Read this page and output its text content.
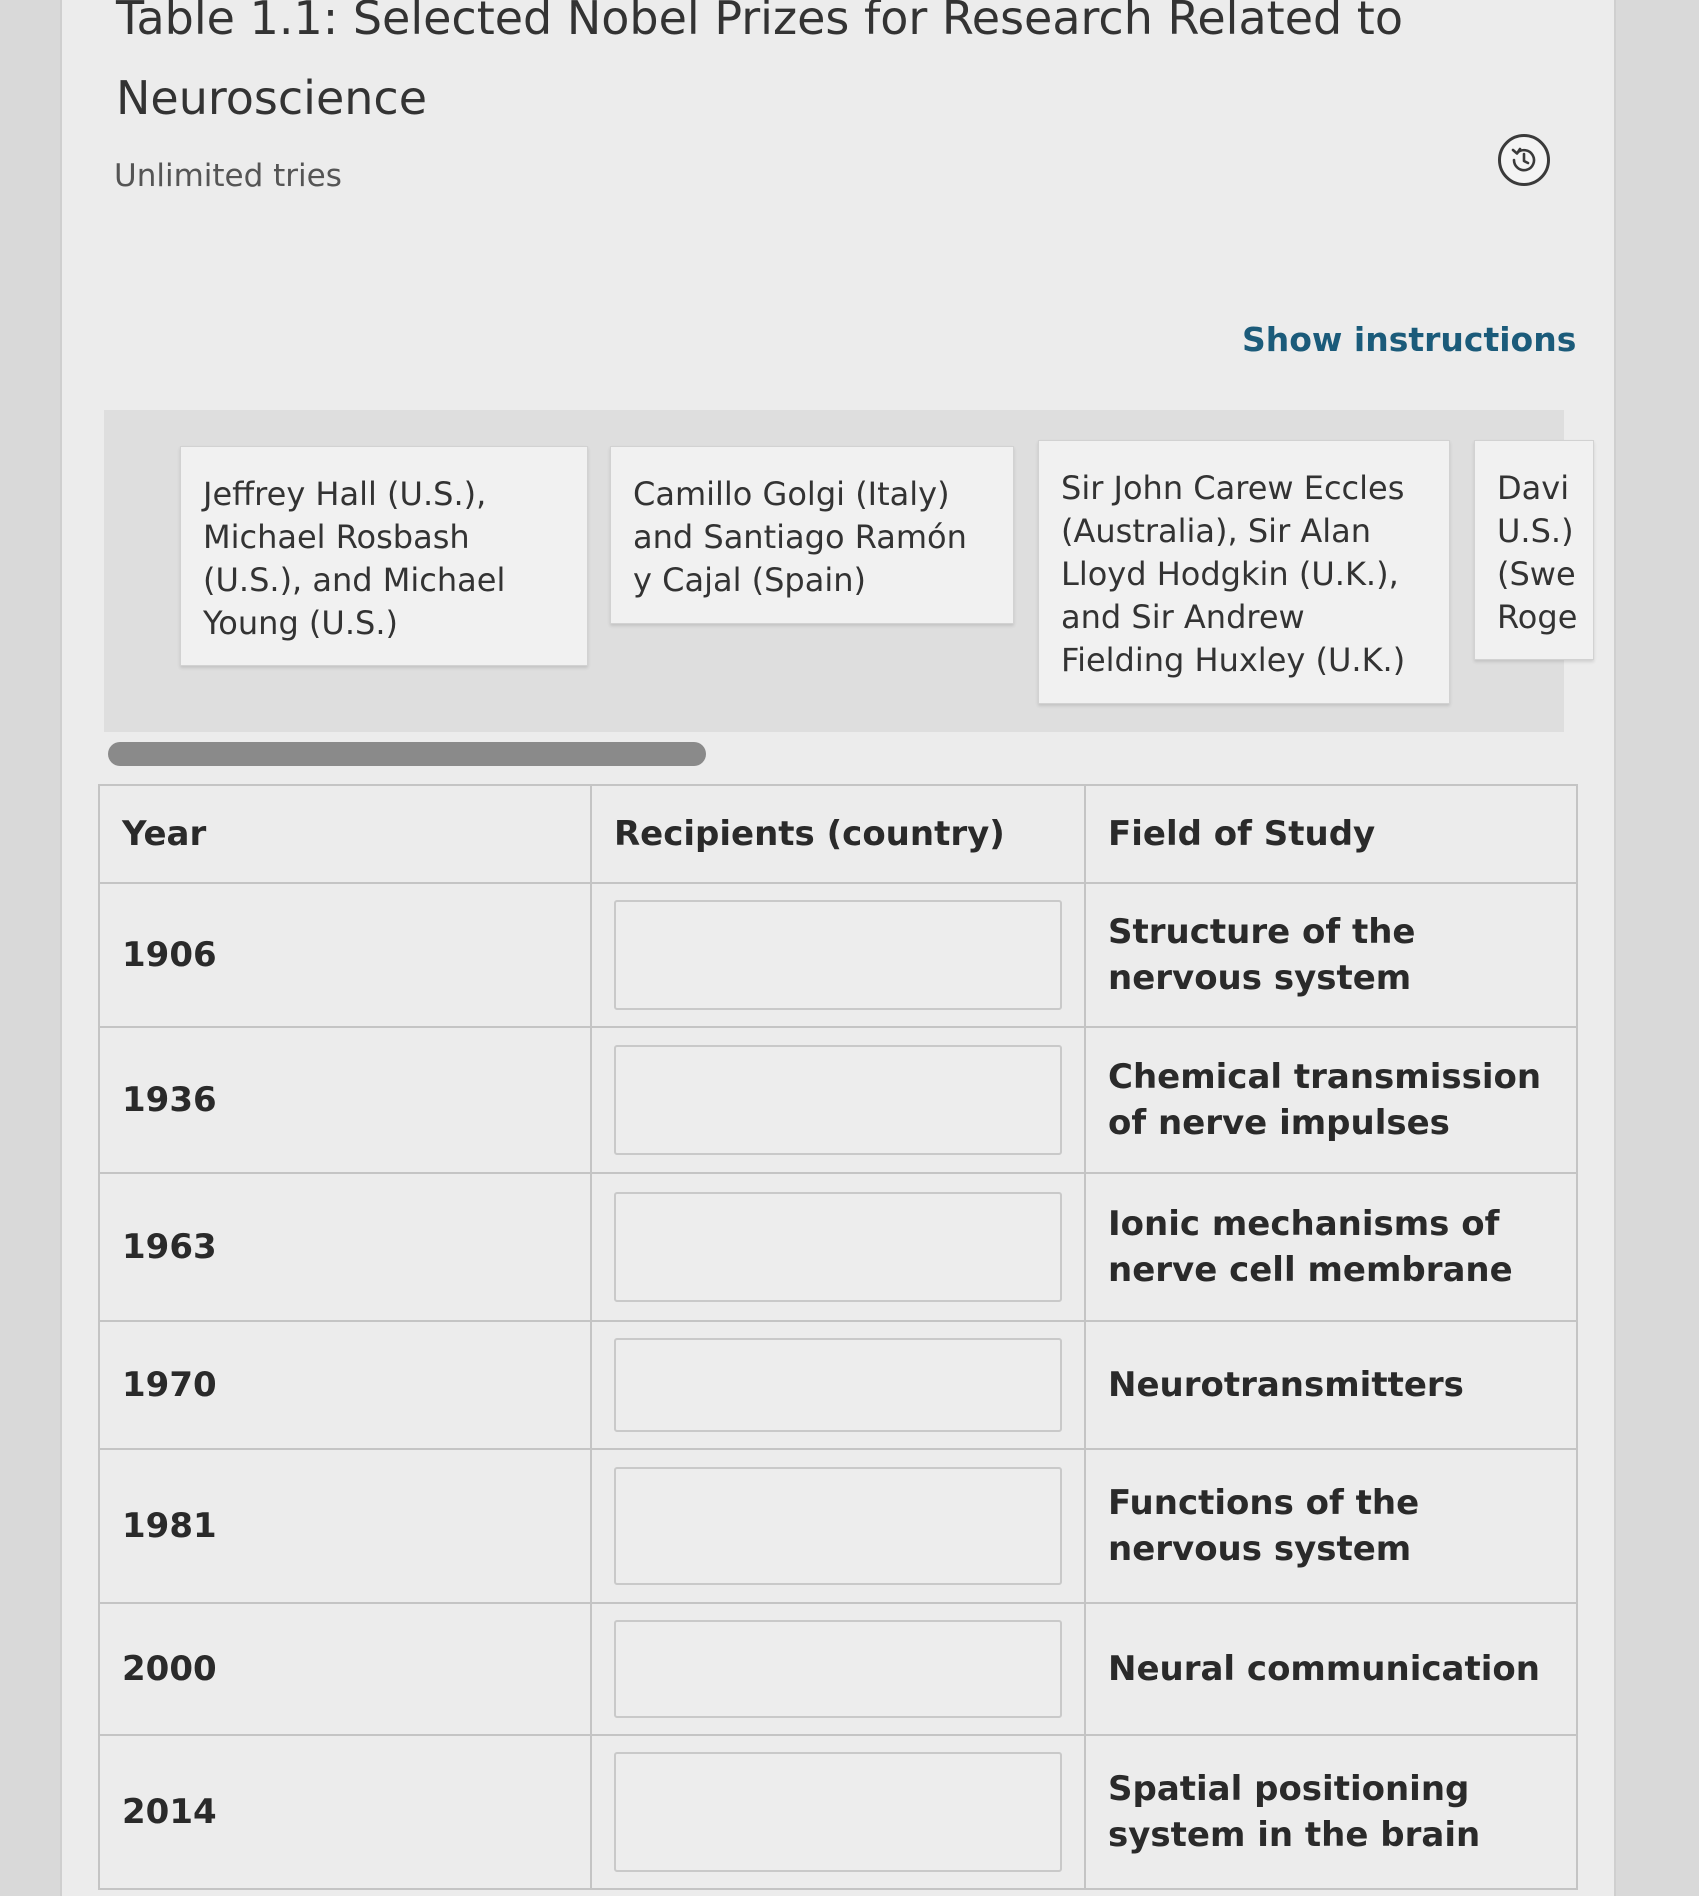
Table 1.1: Selected Nobel Prizes for Research Related to Neuroscience
Unlimited tries
Show instructions
Jeffrey Hall (U.S.), Michael Rosbash (U.S.), and Michael Young (U.S.)
Camillo Golgi (Italy) and Santiago Ramón y Cajal (Spain)
Sir John Carew Eccles (Australia), Sir Alan Lloyd Hodgkin (U.K.), and Sir Andrew Fielding Huxley (U.K.)
Davi U.S.) (Swe Roge
Year	Recipients (country)	Field of Study
1906		Structure of the nervous system
1936		Chemical transmission of nerve impulses
1963		Ionic mechanisms of nerve cell membrane
1970		Neurotransmitters
1981		Functions of the nervous system
2000		Neural communication
2014		Spatial positioning system in the brain
